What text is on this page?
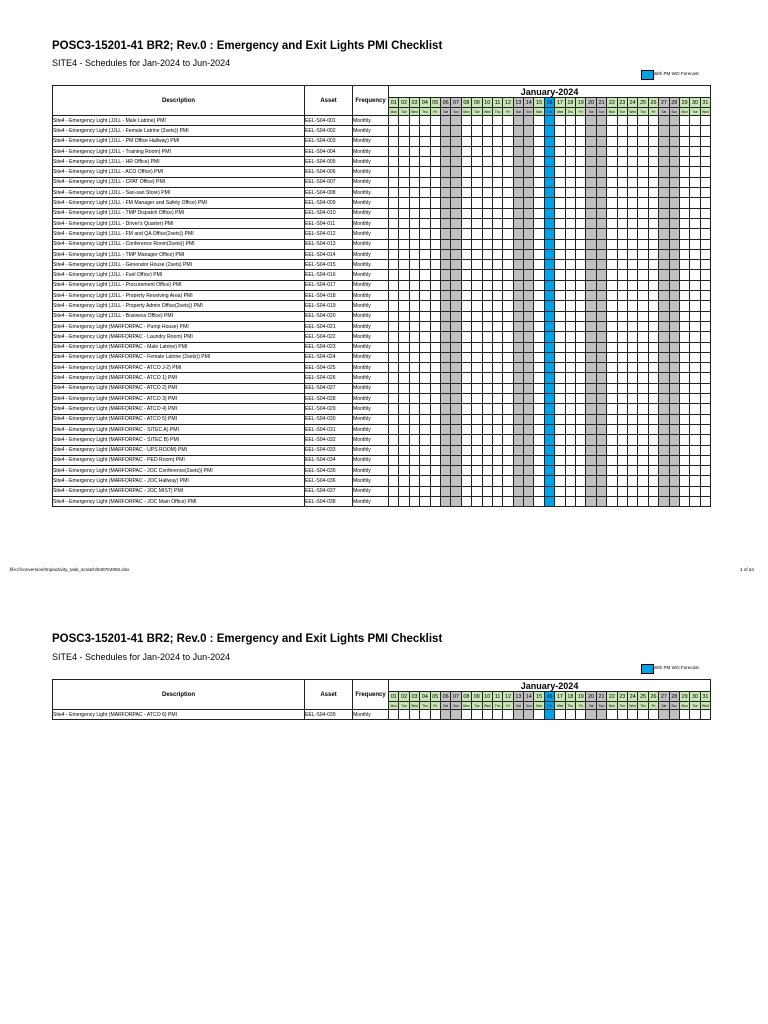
POSC3-15201-41 BR2; Rev.0 : Emergency and Exit Lights PMI Checklist
SITE4 - Schedules for Jan-2024 to Jun-2024
With PM WO Forecast
Description	Asset	Frequency	January-2024																														
			01	02	03	04	05	06	07	08	09	10	11	12	13	14	15	16	17	18	19	20	21	22	23	24	25	26	27	28	29	30	31
			Mon	Tue	Wed	Thu	Fri	Sat	Sun	Mon	Tue	Wed	Thu	Fri	Sat	Sun	Mon	Tue	Wed	Thu	Fri	Sat	Sun	Mon	Tue	Wed	Thu	Fri	Sat	Sun	Mon	Tue	Wed
Site4 - Emergency Light (JJLL - Male Latrine) PMI	EEL-S04-001	Monthly																															
Site4 - Emergency Light (JJLL - Female Latrine (2sets)) PMI	EEL-S04-002	Monthly																															
Site4 - Emergency Light (JJLL - PM Office Hallway) PMI	EEL-S04-003	Monthly																															
Site4 - Emergency Light (JJLL - Training Room) PMI	EEL-S04-004	Monthly																															
Site4 - Emergency Light (JJLL - HR Office) PMI	EEL-S04-005	Monthly																															
Site4 - Emergency Light (JJLL - ACO Office) PMI	EEL-S04-006	Monthly																															
Site4 - Emergency Light (JJLL - CPAT Office) PMI	EEL-S04-007	Monthly																															
Site4 - Emergency Light (JJLL - Sari-sari Store) PMI	EEL-S04-008	Monthly																															
Site4 - Emergency Light (JJLL - FM Manager and Safety Office) PMI	EEL-S04-009	Monthly																															
Site4 - Emergency Light (JJLL - TMP Dispatch Office) PMI	EEL-S04-010	Monthly																															
Site4 - Emergency Light (JJLL - Driver's Quarter) PMI	EEL-S04-011	Monthly																															
Site4 - Emergency Light (JJLL - FM and QA Office(2sets)) PMI	EEL-S04-012	Monthly																															
Site4 - Emergency Light (JJLL - Conference Room(2sets)) PMI	EEL-S04-013	Monthly																															
Site4 - Emergency Light (JJLL - TMP Manager Office) PMI	EEL-S04-014	Monthly																															
Site4 - Emergency Light (JJLL - Generator House (2sets) PMI	EEL-S04-015	Monthly																															
Site4 - Emergency Light (JJLL - Fuel Office) PMI	EEL-S04-016	Monthly																															
Site4 - Emergency Light (JJLL - Procurement Office) PMI	EEL-S04-017	Monthly																															
Site4 - Emergency Light (JJLL - Property Receiving Area) PMI	EEL-S04-018	Monthly																															
Site4 - Emergency Light (JJLL - Property Admin Office(2sets)) PMI	EEL-S04-019	Monthly																															
Site4 - Emergency Light (JJLL - Business Office) PMI	EEL-S04-020	Monthly																															
Site4 - Emergency Light (MARFORPAC - Pump House) PMI	EEL-S04-021	Monthly																															
Site4 - Emergency Light (MARFORPAC - Laundry Room) PMI	EEL-S04-022	Monthly																															
Site4 - Emergency Light (MARFORPAC - Male Latrine) PMI	EEL-S04-023	Monthly																															
Site4 - Emergency Light (MARFORPAC - Female Latrine (2sets)) PMI	EEL-S04-024	Monthly																															
Site4 - Emergency Light (MARFORPAC - ATCO J-2) PMI	EEL-S04-025	Monthly																															
Site4 - Emergency Light (MARFORPAC - ATCO 1) PMI	EEL-S04-026	Monthly																															
Site4 - Emergency Light (MARFORPAC - ATCO 2) PMI	EEL-S04-027	Monthly																															
Site4 - Emergency Light (MARFORPAC - ATCO 3) PMI	EEL-S04-028	Monthly																															
Site4 - Emergency Light (MARFORPAC - ATCO 4) PMI	EEL-S04-029	Monthly																															
Site4 - Emergency Light (MARFORPAC - ATCO 5) PMI	EEL-S04-030	Monthly																															
Site4 - Emergency Light (MARFORPAC - SITEC A) PMI	EEL-S04-031	Monthly																															
Site4 - Emergency Light (MARFORPAC - SITEC B) PMI	EEL-S04-032	Monthly																															
Site4 - Emergency Light (MARFORPAC - UPS ROOM) PMI	EEL-S04-033	Monthly																															
Site4 - Emergency Light (MARFORPAC - PED Room) PMI	EEL-S04-034	Monthly																															
Site4 - Emergency Light (MARFORPAC - JOC Conference(2sets)) PMI	EEL-S04-035	Monthly																															
Site4 - Emergency Light (MARFORPAC - JOC Hallway) PMI	EEL-S04-036	Monthly																															
Site4 - Emergency Light (MARFORPAC - JOC MIST) PMI	EEL-S04-037	Monthly																															
Site4 - Emergency Light (MARFORPAC - JOC Main Office) PMI	EEL-S04-038	Monthly																															
file:///conversion/tmp/activity_task_scratch/849704992.xlsx	1 of 24
POSC3-15201-41 BR2; Rev.0 : Emergency and Exit Lights PMI Checklist
SITE4 - Schedules for Jan-2024 to Jun-2024
With PM WO Forecast
Description	Asset	Frequency	January-2024																														
			01	02	03	04	05	06	07	08	09	10	11	12	13	14	15	16	17	18	19	20	21	22	23	24	25	26	27	28	29	30	31
			Mon	Tue	Wed	Thu	Fri	Sat	Sun	Mon	Tue	Wed	Thu	Fri	Sat	Sun	Mon	Tue	Wed	Thu	Fri	Sat	Sun	Mon	Tue	Wed	Thu	Fri	Sat	Sun	Mon	Tue	Wed
Site4 - Emergency Light (MARFORPAC - ATCO 6) PMI	EEL-S04-039	Monthly																															
